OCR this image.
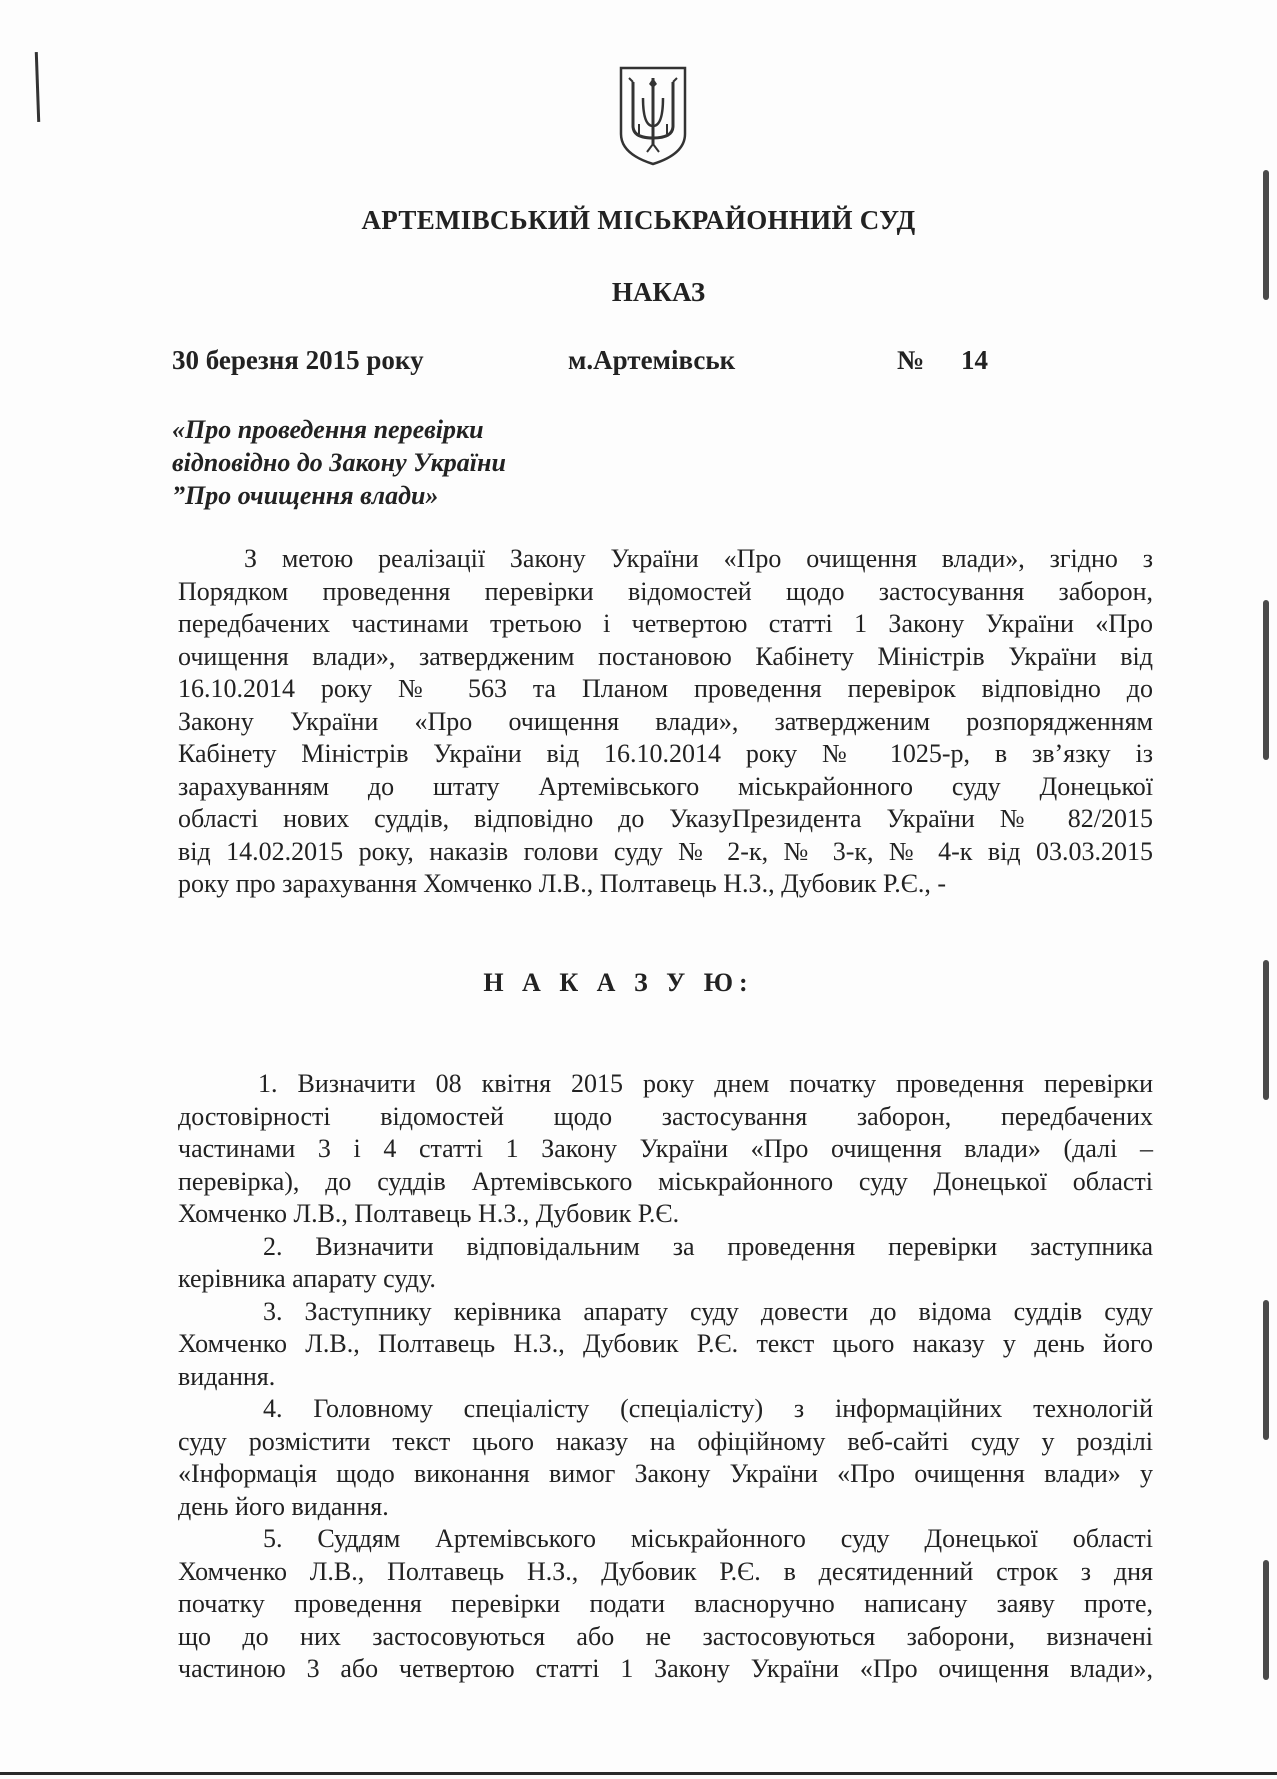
АРТЕМІВСЬКИЙ МІСЬКРАЙОННИЙ СУД
НАКАЗ
30 березня 2015 року	м.Артемівськ	№ 14
«Про проведення перевірки
відповідно до Закону України
”Про очищення влади»
З метою реалізації Закону України «Про очищення влади», згідно з
Порядком проведення перевірки відомостей щодо застосування заборон,
передбачених частинами третьою і четвертою статті 1 Закону України «Про
очищення влади», затвердженим постановою Кабінету Міністрів України від
16.10.2014 року № 563 та Планом проведення перевірок відповідно до
Закону України «Про очищення влади», затвердженим розпорядженням
Кабінету Міністрів України від 16.10.2014 року № 1025-р, в зв’язку із
зарахуванням до штату Артемівського міськрайонного суду Донецької
області нових суддів, відповідно до УказуПрезидента України № 82/2015
від 14.02.2015 року, наказів голови суду № 2-к, № 3-к, № 4-к від 03.03.2015
року про зарахування Хомченко Л.В., Полтавець Н.З., Дубовик Р.Є., -
Н А К А З У Ю:
1. Визначити 08 квітня 2015 року днем початку проведення перевірки
достовірності відомостей щодо застосування заборон, передбачених
частинами 3 і 4 статті 1 Закону України «Про очищення влади» (далі –
перевірка), до суддів Артемівського міськрайонного суду Донецької області
Хомченко Л.В., Полтавець Н.З., Дубовик Р.Є.
2. Визначити відповідальним за проведення перевірки заступника
керівника апарату суду.
3. Заступнику керівника апарату суду довести до відома суддів суду
Хомченко Л.В., Полтавець Н.З., Дубовик Р.Є. текст цього наказу у день його
видання.
4. Головному спеціалісту (спеціалісту) з інформаційних технологій
суду розмістити текст цього наказу на офіційному веб-сайті суду у розділі
«Інформація щодо виконання вимог Закону України «Про очищення влади» у
день його видання.
5. Суддям Артемівського міськрайонного суду Донецької області
Хомченко Л.В., Полтавець Н.З., Дубовик Р.Є. в десятиденний строк з дня
початку проведення перевірки подати власноручно написану заяву проте,
що до них застосовуються або не застосовуються заборони, визначені
частиною 3 або четвертою статті 1 Закону України «Про очищення влади»,
